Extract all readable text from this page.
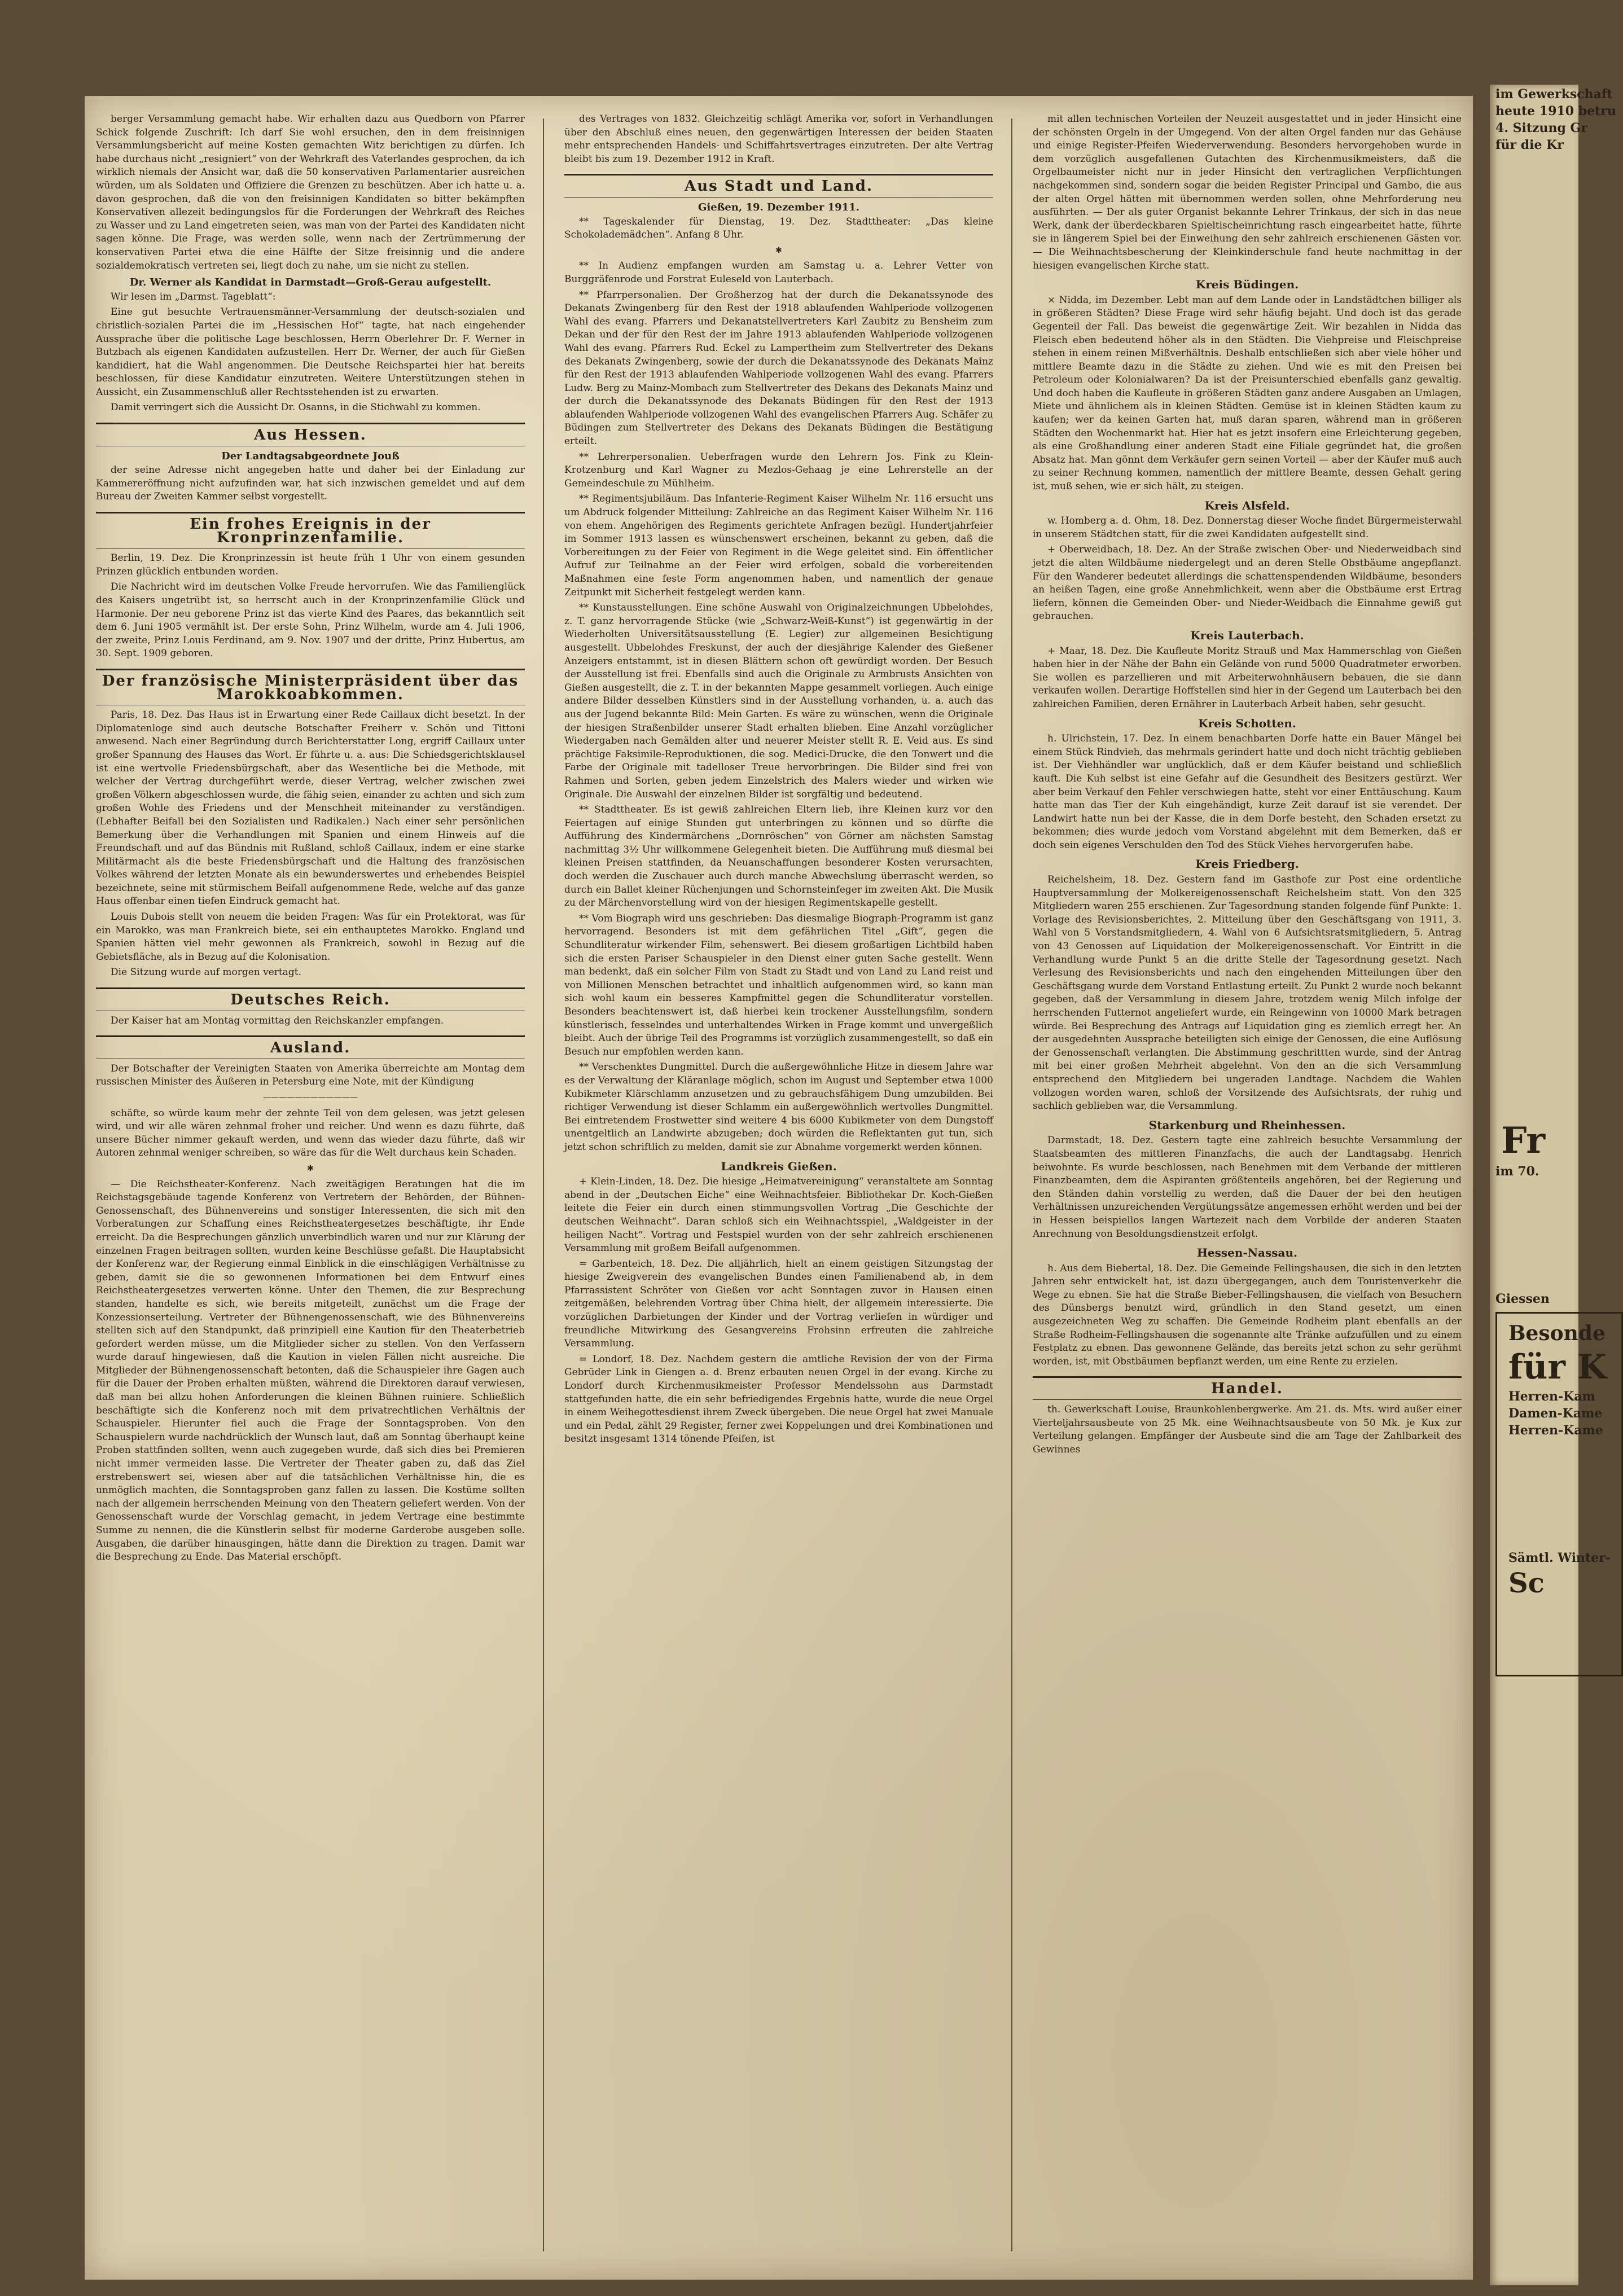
berger Versammlung gemacht habe. Wir erhalten dazu aus Quedborn von Pfarrer Schick folgende Zuschrift: Ich darf Sie wohl ersuchen, den in dem freisinnigen Versammlungsbericht auf meine Kosten gemachten Witz berichtigen zu dürfen. Ich habe durchaus nicht „resigniert“ von der Wehrkraft des Vaterlandes gesprochen, da ich wirklich niemals der Ansicht war, daß die 50 konservativen Parlamentarier ausreichen würden, um als Soldaten und Offiziere die Grenzen zu beschützen. Aber ich hatte u. a. davon gesprochen, daß die von den freisinnigen Kandidaten so bitter bekämpften Konservativen allezeit bedingungslos für die Forderungen der Wehrkraft des Reiches zu Wasser und zu Land eingetreten seien, was man von der Partei des Kandidaten nicht sagen könne. Die Frage, was werden solle, wenn nach der Zertrümmerung der konservativen Partei etwa die eine Hälfte der Sitze freisinnig und die andere sozialdemokratisch vertreten sei, liegt doch zu nahe, um sie nicht zu stellen.

Dr. Werner als Kandidat in Darmstadt—Groß-Gerau aufgestellt.

Wir lesen im „Darmst. Tageblatt“:

Eine gut besuchte Vertrauensmänner-Versammlung der deutsch-sozialen und christlich-sozialen Partei die im „Hessischen Hof“ tagte, hat nach eingehender Aussprache über die politische Lage beschlossen, Herrn Oberlehrer Dr. F. Werner in Butzbach als eigenen Kandidaten aufzustellen. Herr Dr. Werner, der auch für Gießen kandidiert, hat die Wahl angenommen. Die Deutsche Reichspartei hier hat bereits beschlossen, für diese Kandidatur einzutreten. Weitere Unterstützungen stehen in Aussicht, ein Zusammenschluß aller Rechtsstehenden ist zu erwarten.

Damit verringert sich die Aussicht Dr. Osanns, in die Stichwahl zu kommen.

Aus Hessen.

Der Landtagsabgeordnete Jouß

der seine Adresse nicht angegeben hatte und daher bei der Einladung zur Kammereröffnung nicht aufzufinden war, hat sich inzwischen gemeldet und auf dem Bureau der Zweiten Kammer selbst vorgestellt.

Ein frohes Ereignis in der Kronprinzenfamilie.

Berlin, 19. Dez. Die Kronprinzessin ist heute früh 1 Uhr von einem gesunden Prinzen glücklich entbunden worden.

Die Nachricht wird im deutschen Volke Freude hervorrufen. Wie das Familienglück des Kaisers ungetrübt ist, so herrscht auch in der Kronprinzenfamilie Glück und Harmonie. Der neu geborene Prinz ist das vierte Kind des Paares, das bekanntlich seit dem 6. Juni 1905 vermählt ist. Der erste Sohn, Prinz Wilhelm, wurde am 4. Juli 1906, der zweite, Prinz Louis Ferdinand, am 9. Nov. 1907 und der dritte, Prinz Hubertus, am 30. Sept. 1909 geboren.

Der französische Ministerpräsident über das Marokkoabkommen.

Paris, 18. Dez. Das Haus ist in Erwartung einer Rede Caillaux dicht besetzt. In der Diplomatenloge sind auch deutsche Botschafter Freiherr v. Schön und Tittoni anwesend. Nach einer Begründung durch Berichterstatter Long, ergriff Caillaux unter großer Spannung des Hauses das Wort. Er führte u. a. aus: Die Schiedsgerichtsklausel ist eine wertvolle Friedensbürgschaft, aber das Wesentliche bei die Methode, mit welcher der Vertrag durchgeführt werde, dieser Vertrag, welcher zwischen zwei großen Völkern abgeschlossen wurde, die fähig seien, einander zu achten und sich zum großen Wohle des Friedens und der Menschheit miteinander zu verständigen. (Lebhafter Beifall bei den Sozialisten und Radikalen.) Nach einer sehr persönlichen Bemerkung über die Verhandlungen mit Spanien und einem Hinweis auf die Freundschaft und auf das Bündnis mit Rußland, schloß Caillaux, indem er eine starke Militärmacht als die beste Friedensbürgschaft und die Haltung des französischen Volkes während der letzten Monate als ein bewunderswertes und erhebendes Beispiel bezeichnete, seine mit stürmischem Beifall aufgenommene Rede, welche auf das ganze Haus offenbar einen tiefen Eindruck gemacht hat.

Louis Dubois stellt von neuem die beiden Fragen: Was für ein Protektorat, was für ein Marokko, was man Frankreich biete, sei ein enthauptetes Marokko. England und Spanien hätten viel mehr gewonnen als Frankreich, sowohl in Bezug auf die Gebietsfläche, als in Bezug auf die Kolonisation.

Die Sitzung wurde auf morgen vertagt.

Deutsches Reich.

Der Kaiser hat am Montag vormittag den Reichskanzler empfangen.

Ausland.

Der Botschafter der Vereinigten Staaten von Amerika überreichte am Montag dem russischen Minister des Äußeren in Petersburg eine Note, mit der Kündigung

————————————

schäfte, so würde kaum mehr der zehnte Teil von dem gelesen, was jetzt gelesen wird, und wir alle wären zehnmal froher und reicher. Und wenn es dazu führte, daß unsere Bücher nimmer gekauft werden, und wenn das wieder dazu führte, daß wir Autoren zehnmal weniger schreiben, so wäre das für die Welt durchaus kein Schaden.

✱

— Die Reichstheater-Konferenz. Nach zweitägigen Beratungen hat die im Reichstagsgebäude tagende Konferenz von Vertretern der Behörden, der Bühnen-Genossenschaft, des Bühnenvereins und sonstiger Interessenten, die sich mit den Vorberatungen zur Schaffung eines Reichstheatergesetzes beschäftigte, ihr Ende erreicht. Da die Besprechungen gänzlich unverbindlich waren und nur zur Klärung der einzelnen Fragen beitragen sollten, wurden keine Beschlüsse gefaßt. Die Hauptabsicht der Konferenz war, der Regierung einmal Einblick in die einschlägigen Verhältnisse zu geben, damit sie die so gewonnenen Informationen bei dem Entwurf eines Reichstheatergesetzes verwerten könne. Unter den Themen, die zur Besprechung standen, handelte es sich, wie bereits mitgeteilt, zunächst um die Frage der Konzessionserteilung. Vertreter der Bühnengenossenschaft, wie des Bühnenvereins stellten sich auf den Standpunkt, daß prinzipiell eine Kaution für den Theaterbetrieb gefordert werden müsse, um die Mitglieder sicher zu stellen. Von den Verfassern wurde darauf hingewiesen, daß die Kaution in vielen Fällen nicht ausreiche. Die Mitglieder der Bühnengenossenschaft betonten, daß die Schauspieler ihre Gagen auch für die Dauer der Proben erhalten müßten, während die Direktoren darauf verwiesen, daß man bei allzu hohen Anforderungen die kleinen Bühnen ruiniere. Schließlich beschäftigte sich die Konferenz noch mit dem privatrechtlichen Verhältnis der Schauspieler. Hierunter fiel auch die Frage der Sonntagsproben. Von den Schauspielern wurde nachdrücklich der Wunsch laut, daß am Sonntag überhaupt keine Proben stattfinden sollten, wenn auch zugegeben wurde, daß sich dies bei Premieren nicht immer vermeiden lasse. Die Vertreter der Theater gaben zu, daß das Ziel erstrebenswert sei, wiesen aber auf die tatsächlichen Verhältnisse hin, die es unmöglich machten, die Sonntagsproben ganz fallen zu lassen. Die Kostüme sollten nach der allgemein herrschenden Meinung von den Theatern geliefert werden. Von der Genossenschaft wurde der Vorschlag gemacht, in jedem Vertrage eine bestimmte Summe zu nennen, die die Künstlerin selbst für moderne Garderobe ausgeben solle. Ausgaben, die darüber hinausgingen, hätte dann die Direktion zu tragen. Damit war die Besprechung zu Ende. Das Material erschöpft.

des Vertrages von 1832. Gleichzeitig schlägt Amerika vor, sofort in Verhandlungen über den Abschluß eines neuen, den gegenwärtigen Interessen der beiden Staaten mehr entsprechenden Handels- und Schiffahrtsvertrages einzutreten. Der alte Vertrag bleibt bis zum 19. Dezember 1912 in Kraft.

Aus Stadt und Land.

Gießen, 19. Dezember 1911.

** Tageskalender für Dienstag, 19. Dez. Stadttheater: „Das kleine Schokolademädchen“. Anfang 8 Uhr.

✱

** In Audienz empfangen wurden am Samstag u. a. Lehrer Vetter von Burggräfenrode und Forstrat Euleseld von Lauterbach.

** Pfarrpersonalien. Der Großherzog hat der durch die Dekanatssynode des Dekanats Zwingenberg für den Rest der 1918 ablaufenden Wahlperiode vollzogenen Wahl des evang. Pfarrers und Dekanatstellvertreters Karl Zaubitz zu Bensheim zum Dekan und der für den Rest der im Jahre 1913 ablaufenden Wahlperiode vollzogenen Wahl des evang. Pfarrers Rud. Eckel zu Lampertheim zum Stellvertreter des Dekans des Dekanats Zwingenberg, sowie der durch die Dekanatssynode des Dekanats Mainz für den Rest der 1913 ablaufenden Wahlperiode vollzogenen Wahl des evang. Pfarrers Ludw. Berg zu Mainz-Mombach zum Stellvertreter des Dekans des Dekanats Mainz und der durch die Dekanatssynode des Dekanats Büdingen für den Rest der 1913 ablaufenden Wahlperiode vollzogenen Wahl des evangelischen Pfarrers Aug. Schäfer zu Büdingen zum Stellvertreter des Dekans des Dekanats Büdingen die Bestätigung erteilt.

** Lehrerpersonalien. Ueberfragen wurde den Lehrern Jos. Fink zu Klein-Krotzenburg und Karl Wagner zu Mezlos-Gehaag je eine Lehrerstelle an der Gemeindeschule zu Mühlheim.

** Regimentsjubiläum. Das Infanterie-Regiment Kaiser Wilhelm Nr. 116 ersucht uns um Abdruck folgender Mitteilung: Zahlreiche an das Regiment Kaiser Wilhelm Nr. 116 von ehem. Angehörigen des Regiments gerichtete Anfragen bezügl. Hundertjahrfeier im Sommer 1913 lassen es wünschenswert erscheinen, bekannt zu geben, daß die Vorbereitungen zu der Feier von Regiment in die Wege geleitet sind. Ein öffentlicher Aufruf zur Teilnahme an der Feier wird erfolgen, sobald die vorbereitenden Maßnahmen eine feste Form angenommen haben, und namentlich der genaue Zeitpunkt mit Sicherheit festgelegt werden kann.

** Kunstausstellungen. Eine schöne Auswahl von Originalzeichnungen Ubbelohdes, z. T. ganz hervorragende Stücke (wie „Schwarz-Weiß-Kunst“) ist gegenwärtig in der Wiederholten Universitätsausstellung (E. Legier) zur allgemeinen Besichtigung ausgestellt. Ubbelohdes Freskunst, der auch der diesjährige Kalender des Gießener Anzeigers entstammt, ist in diesen Blättern schon oft gewürdigt worden. Der Besuch der Ausstellung ist frei. Ebenfalls sind auch die Originale zu Armbrusts Ansichten von Gießen ausgestellt, die z. T. in der bekannten Mappe gesammelt vorliegen. Auch einige andere Bilder desselben Künstlers sind in der Ausstellung vorhanden, u. a. auch das aus der Jugend bekannte Bild: Mein Garten. Es wäre zu wünschen, wenn die Originale der hiesigen Straßenbilder unserer Stadt erhalten blieben. Eine Anzahl vorzüglicher Wiedergaben nach Gemälden alter und neuerer Meister stellt R. E. Veid aus. Es sind prächtige Faksimile-Reproduktionen, die sog. Medici-Drucke, die den Tonwert und die Farbe der Originale mit tadelloser Treue hervorbringen. Die Bilder sind frei von Rahmen und Sorten, geben jedem Einzelstrich des Malers wieder und wirken wie Originale. Die Auswahl der einzelnen Bilder ist sorgfältig und bedeutend.

** Stadttheater. Es ist gewiß zahlreichen Eltern lieb, ihre Kleinen kurz vor den Feiertagen auf einige Stunden gut unterbringen zu können und so dürfte die Aufführung des Kindermärchens „Dornröschen“ von Görner am nächsten Samstag nachmittag 3½ Uhr willkommene Gelegenheit bieten. Die Aufführung muß diesmal bei kleinen Preisen stattfinden, da Neuanschaffungen besonderer Kosten verursachten, doch werden die Zuschauer auch durch manche Abwechslung überrascht werden, so durch ein Ballet kleiner Rüchenjungen und Schornsteinfeger im zweiten Akt. Die Musik zu der Märchenvorstellung wird von der hiesigen Regimentskapelle gestellt.

** Vom Biograph wird uns geschrieben: Das diesmalige Biograph-Programm ist ganz hervorragend. Besonders ist mit dem gefährlichen Titel „Gift“, gegen die Schundliteratur wirkender Film, sehenswert. Bei diesem großartigen Lichtbild haben sich die ersten Pariser Schauspieler in den Dienst einer guten Sache gestellt. Wenn man bedenkt, daß ein solcher Film von Stadt zu Stadt und von Land zu Land reist und von Millionen Menschen betrachtet und inhaltlich aufgenommen wird, so kann man sich wohl kaum ein besseres Kampfmittel gegen die Schundliteratur vorstellen. Besonders beachtenswert ist, daß hierbei kein trockener Ausstellungsfilm, sondern künstlerisch, fesselndes und unterhaltendes Wirken in Frage kommt und unvergeßlich bleibt. Auch der übrige Teil des Programms ist vorzüglich zusammengestellt, so daß ein Besuch nur empfohlen werden kann.

** Verschenktes Dungmittel. Durch die außergewöhnliche Hitze in diesem Jahre war es der Verwaltung der Kläranlage möglich, schon im August und September etwa 1000 Kubikmeter Klärschlamm anzusetzen und zu gebrauchsfähigem Dung umzubilden. Bei richtiger Verwendung ist dieser Schlamm ein außergewöhnlich wertvolles Dungmittel. Bei eintretendem Frostwetter sind weitere 4 bis 6000 Kubikmeter von dem Dungstoff unentgeltlich an Landwirte abzugeben; doch würden die Reflektanten gut tun, sich jetzt schon schriftlich zu melden, damit sie zur Abnahme vorgemerkt werden können.

Landkreis Gießen.

+ Klein-Linden, 18. Dez. Die hiesige „Heimatvereinigung“ veranstaltete am Sonntag abend in der „Deutschen Eiche“ eine Weihnachtsfeier. Bibliothekar Dr. Koch-Gießen leitete die Feier ein durch einen stimmungsvollen Vortrag „Die Geschichte der deutschen Weihnacht“. Daran schloß sich ein Weihnachtsspiel, „Waldgeister in der heiligen Nacht“. Vortrag und Festspiel wurden von der sehr zahlreich erschienenen Versammlung mit großem Beifall aufgenommen.

= Garbenteich, 18. Dez. Die alljährlich, hielt an einem geistigen Sitzungstag der hiesige Zweigverein des evangelischen Bundes einen Familienabend ab, in dem Pfarrassistent Schröter von Gießen vor acht Sonntagen zuvor in Hausen einen zeitgemäßen, belehrenden Vortrag über China hielt, der allgemein interessierte. Die vorzüglichen Darbietungen der Kinder und der Vortrag verliefen in würdiger und freundliche Mitwirkung des Gesangvereins Frohsinn erfreuten die zahlreiche Versammlung.

= Londorf, 18. Dez. Nachdem gestern die amtliche Revision der von der Firma Gebrüder Link in Giengen a. d. Brenz erbauten neuen Orgel in der evang. Kirche zu Londorf durch Kirchenmusikmeister Professor Mendelssohn aus Darmstadt stattgefunden hatte, die ein sehr befriedigendes Ergebnis hatte, wurde die neue Orgel in einem Weihegottesdienst ihrem Zweck übergeben. Die neue Orgel hat zwei Manuale und ein Pedal, zählt 29 Register, ferner zwei Koppelungen und drei Kombinationen und besitzt insgesamt 1314 tönende Pfeifen, ist

mit allen technischen Vorteilen der Neuzeit ausgestattet und in jeder Hinsicht eine der schönsten Orgeln in der Umgegend. Von der alten Orgel fanden nur das Gehäuse und einige Register-Pfeifen Wiederverwendung. Besonders hervorgehoben wurde in dem vorzüglich ausgefallenen Gutachten des Kirchenmusikmeisters, daß die Orgelbaumeister nicht nur in jeder Hinsicht den vertraglichen Verpflichtungen nachgekommen sind, sondern sogar die beiden Register Principal und Gambo, die aus der alten Orgel hätten mit übernommen werden sollen, ohne Mehrforderung neu ausführten. — Der als guter Organist bekannte Lehrer Trinkaus, der sich in das neue Werk, dank der überdeckbaren Spieltischeinrichtung rasch eingearbeitet hatte, führte sie in längerem Spiel bei der Einweihung den sehr zahlreich erschienenen Gästen vor. — Die Weihnachtsbescherung der Kleinkinderschule fand heute nachmittag in der hiesigen evangelischen Kirche statt.

Kreis Büdingen.

× Nidda, im Dezember. Lebt man auf dem Lande oder in Landstädtchen billiger als in größeren Städten? Diese Frage wird sehr häufig bejaht. Und doch ist das gerade Gegenteil der Fall. Das beweist die gegenwärtige Zeit. Wir bezahlen in Nidda das Fleisch eben bedeutend höher als in den Städten. Die Viehpreise und Fleischpreise stehen in einem reinen Mißverhältnis. Deshalb entschließen sich aber viele höher und mittlere Beamte dazu in die Städte zu ziehen. Und wie es mit den Preisen bei Petroleum oder Kolonialwaren? Da ist der Preisunterschied ebenfalls ganz gewaltig. Und doch haben die Kaufleute in größeren Städten ganz andere Ausgaben an Umlagen, Miete und ähnlichem als in kleinen Städten. Gemüse ist in kleinen Städten kaum zu kaufen; wer da keinen Garten hat, muß daran sparen, während man in größeren Städten den Wochenmarkt hat. Hier hat es jetzt insofern eine Erleichterung gegeben, als eine Großhandlung einer anderen Stadt eine Filiale gegründet hat, die großen Absatz hat. Man gönnt dem Verkäufer gern seinen Vorteil — aber der Käufer muß auch zu seiner Rechnung kommen, namentlich der mittlere Beamte, dessen Gehalt gering ist, muß sehen, wie er sich hält, zu steigen.

Kreis Alsfeld.

w. Homberg a. d. Ohm, 18. Dez. Donnerstag dieser Woche findet Bürgermeisterwahl in unserem Städtchen statt, für die zwei Kandidaten aufgestellt sind.

+ Oberweidbach, 18. Dez. An der Straße zwischen Ober- und Niederweidbach sind jetzt die alten Wildbäume niedergelegt und an deren Stelle Obstbäume angepflanzt. Für den Wanderer bedeutet allerdings die schattenspendenden Wildbäume, besonders an heißen Tagen, eine große Annehmlichkeit, wenn aber die Obstbäume erst Ertrag liefern, können die Gemeinden Ober- und Nieder-Weidbach die Einnahme gewiß gut gebrauchen.

Kreis Lauterbach.

+ Maar, 18. Dez. Die Kaufleute Moritz Strauß und Max Hammerschlag von Gießen haben hier in der Nähe der Bahn ein Gelände von rund 5000 Quadratmeter erworben. Sie wollen es parzellieren und mit Arbeiterwohnhäusern bebauen, die sie dann verkaufen wollen. Derartige Hoffstellen sind hier in der Gegend um Lauterbach bei den zahlreichen Familien, deren Ernährer in Lauterbach Arbeit haben, sehr gesucht.

Kreis Schotten.

h. Ulrichstein, 17. Dez. In einem benachbarten Dorfe hatte ein Bauer Mängel bei einem Stück Rindvieh, das mehrmals gerindert hatte und doch nicht trächtig geblieben ist. Der Viehhändler war unglücklich, daß er dem Käufer beistand und schließlich kauft. Die Kuh selbst ist eine Gefahr auf die Gesundheit des Besitzers gestürzt. Wer aber beim Verkauf den Fehler verschwiegen hatte, steht vor einer Enttäuschung. Kaum hatte man das Tier der Kuh eingehändigt, kurze Zeit darauf ist sie verendet. Der Landwirt hatte nun bei der Kasse, die in dem Dorfe besteht, den Schaden ersetzt zu bekommen; dies wurde jedoch vom Vorstand abgelehnt mit dem Bemerken, daß er doch sein eigenes Verschulden den Tod des Stück Viehes hervorgerufen habe.

Kreis Friedberg.

Reichelsheim, 18. Dez. Gestern fand im Gasthofe zur Post eine ordentliche Hauptversammlung der Molkereigenossenschaft Reichelsheim statt. Von den 325 Mitgliedern waren 255 erschienen. Zur Tagesordnung standen folgende fünf Punkte: 1. Vorlage des Revisionsberichtes, 2. Mitteilung über den Geschäftsgang von 1911, 3. Wahl von 5 Vorstandsmitgliedern, 4. Wahl von 6 Aufsichtsratsmitgliedern, 5. Antrag von 43 Genossen auf Liquidation der Molkereigenossenschaft. Vor Eintritt in die Verhandlung wurde Punkt 5 an die dritte Stelle der Tagesordnung gesetzt. Nach Verlesung des Revisionsberichts und nach den eingehenden Mitteilungen über den Geschäftsgang wurde dem Vorstand Entlastung erteilt. Zu Punkt 2 wurde noch bekannt gegeben, daß der Versammlung in diesem Jahre, trotzdem wenig Milch infolge der herrschenden Futternot angeliefert wurde, ein Reingewinn von 10000 Mark betragen würde. Bei Besprechung des Antrags auf Liquidation ging es ziemlich erregt her. An der ausgedehnten Aussprache beteiligten sich einige der Genossen, die eine Auflösung der Genossenschaft verlangten. Die Abstimmung geschrittten wurde, sind der Antrag mit bei einer großen Mehrheit abgelehnt. Von den an die sich Versammlung entsprechend den Mitgliedern bei ungeraden Landtage. Nachdem die Wahlen vollzogen worden waren, schloß der Vorsitzende des Aufsichtsrats, der ruhig und sachlich geblieben war, die Versammlung.

Starkenburg und Rheinhessen.

Darmstadt, 18. Dez. Gestern tagte eine zahlreich besuchte Versammlung der Staatsbeamten des mittleren Finanzfachs, die auch der Landtagsabg. Henrich beiwohnte. Es wurde beschlossen, nach Benehmen mit dem Verbande der mittleren Finanzbeamten, dem die Aspiranten größtenteils angehören, bei der Regierung und den Ständen dahin vorstellig zu werden, daß die Dauer der bei den heutigen Verhältnissen unzureichenden Vergütungssätze angemessen erhöht werden und bei der in Hessen beispiellos langen Wartezeit nach dem Vorbilde der anderen Staaten Anrechnung von Besoldungsdienstzeit erfolgt.

Hessen-Nassau.

h. Aus dem Biebertal, 18. Dez. Die Gemeinde Fellingshausen, die sich in den letzten Jahren sehr entwickelt hat, ist dazu übergegangen, auch dem Touristenverkehr die Wege zu ebnen. Sie hat die Straße Bieber-Fellingshausen, die vielfach von Besuchern des Dünsbergs benutzt wird, gründlich in den Stand gesetzt, um einen ausgezeichneten Weg zu schaffen. Die Gemeinde Rodheim plant ebenfalls an der Straße Rodheim-Fellingshausen die sogenannte alte Tränke aufzufüllen und zu einem Festplatz zu ebnen. Das gewonnene Gelände, das bereits jetzt schon zu sehr gerühmt worden, ist, mit Obstbäumen bepflanzt werden, um eine Rente zu erzielen.

Handel.

th. Gewerkschaft Louise, Braunkohlenbergwerke. Am 21. ds. Mts. wird außer einer Vierteljahrsausbeute von 25 Mk. eine Weihnachtsausbeute von 50 Mk. je Kux zur Verteilung gelangen. Empfänger der Ausbeute sind die am Tage der Zahlbarkeit des Gewinnes

im Gewerkschaft
heute 1910 betru
4. Sitzung Gr
für die Kr
Fr
im 70.
Giessen
Besonde
für K
Herren-Kam
Damen-Kame
Herren-Kame
Sämtl. Winter-
Sc
